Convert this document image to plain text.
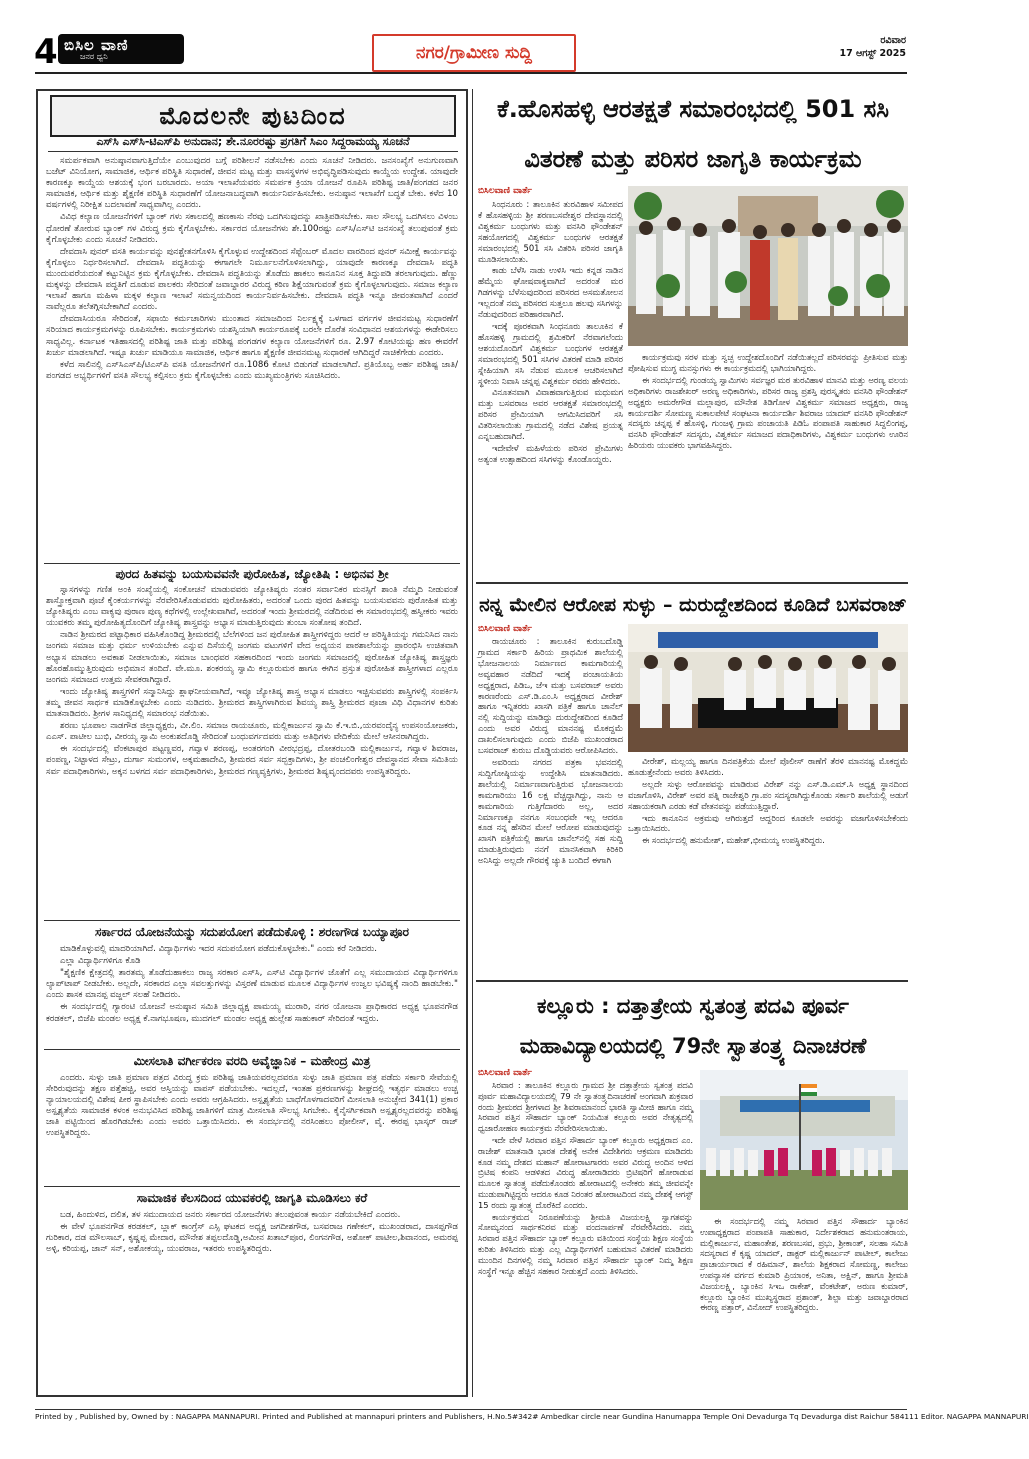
4 ಬಿಸಿಲ ವಾಣಿ
ಜನರ ಧ್ವನಿ	ನಗರ/ಗ್ರಾಮೀಣ ಸುದ್ದಿ
ರವಿವಾರ
17 ಆಗಸ್ಟ್ 2025
ಮೊದಲನೇ ಪುಟದಿಂದ
ಎಸ್‌ಸಿ ಎಸ್‌ಸಿ-ಟಿಎಸ್‌ಪಿ ಅನುದಾನ; ಶೇ.ನೂರರಷ್ಟು ಪ್ರಗತಿಗೆ ಸಿಎಂ ಸಿದ್ದರಾಮಯ್ಯ ಸೂಚನೆ

ಸಮರ್ಪಕವಾಗಿ ಅನುಷ್ಠಾನವಾಗುತ್ತಿದೆಯೇ ಎಂಬುವುದರ ಬಗ್ಗೆ ಪರಿಶೀಲನೆ ನಡೆಸಬೇಕು ಎಂದು ಸೂಚನೆ ನೀಡಿದರು. ಜನಸಂಖ್ಯೆಗೆ ಅನುಗುಣವಾಗಿ ಬಜೆಟ್ ವಿನಿಯೋಗ, ಸಾಮಾಜಿಕ, ಆರ್ಥಿಕ ಪರಿಸ್ಥಿತಿ ಸುಧಾರಣೆ, ಜೀವನ ಮಟ್ಟ ಮತ್ತು ವಾಸಸ್ಥಳಗಳ ಅಭಿವೃದ್ಧಿಪಡಿಸುವುದು ಕಾಯ್ದೆಯ ಉದ್ದೇಶ. ಯಾವುದೇ ಕಾರಣಕ್ಕೂ ಕಾಯ್ದೆಯ ಆಶಯಕ್ಕೆ ಭಂಗ ಬರಬಾರದು. ಅಯಾ ಇಲಾಖೆಯವರು ಸಮರ್ಪಕ ಕ್ರಿಯಾ ಯೋಜನೆ ರೂಪಿಸಿ ಪರಿಶಿಷ್ಟ ಜಾತಿ/ಪಂಗಡದ ಜನರ ಸಾಮಾಜಿಕ, ಆರ್ಥಿಕ ಮತ್ತು ಶೈಕ್ಷಣಿಕ ಪರಿಸ್ಥಿತಿ ಸುಧಾರಣೆಗೆ ಯೋಜನಾಬದ್ಧವಾಗಿ ಕಾರ್ಯನಿರ್ವಹಿಸಬೇಕು. ಅನುಷ್ಠಾನ ಇಲಾಖೆಗೆ ಬದ್ಧತೆ ಬೇಕು. ಕಳೆದ 10 ವರ್ಷಗಳಲ್ಲಿ ನಿರೀಕ್ಷಿತ ಬದಲಾವಣೆ ಸಾಧ್ಯವಾಗಿಲ್ಲ ಎಂದರು.

ವಿವಿಧ ಕಲ್ಯಾಣ ಯೋಜನೆಗಳಿಗೆ ಬ್ಯಾಂಕ್ ಗಳು ಸಕಾಲದಲ್ಲಿ ಹಣಕಾಸು ನೆರವು ಒದಗಿಸುವುದನ್ನು ಖಾತ್ರಿಪಡಿಸಬೇಕು. ಸಾಲ ಸೌಲಭ್ಯ ಒದಗಿಸಲು ವಿಳಂಬ ಧೋರಣೆ ತೋರುವ ಬ್ಯಾಂಕ್ ಗಳ ವಿರುದ್ಧ ಕ್ರಮ ಕೈಗೊಳ್ಳಬೇಕು. ಸರ್ಕಾರದ ಯೋಜನೆಗಳು ಶೇ.100ರಷ್ಟು ಎಸ್‌ಸಿ/ಎಸ್‌ಟಿ ಜನಸಂಖ್ಯೆ ತಲುಪುವಂತೆ ಕ್ರಮ ಕೈಗೊಳ್ಳಬೇಕು ಎಂದು ಸೂಚನೆ ನೀಡಿದರು.

ದೇವದಾಸಿ ಪುನರ್ ವಸತಿ ಕಾರ್ಯವನ್ನು ಪುನಶ್ಚೇತನಗೊಳಿಸಿ ಕೈಗೊಳ್ಳುವ ಉದ್ದೇಶದಿಂದ ಸೆಪ್ಟೆಂಬರ್ ಮೊದಲ ವಾರದಿಂದ ಪುನರ್ ಸಮೀಕ್ಷೆ ಕಾರ್ಯವನ್ನು ಕೈಗೊಳ್ಳಲು ನಿರ್ಧರಿಸಲಾಗಿದೆ. ದೇವದಾಸಿ ಪದ್ಧತಿಯನ್ನು ಈಗಾಗಲೇ ನಿರ್ಮೂಲನೆಗೊಳಿಸಲಾಗಿದ್ದು, ಯಾವುದೇ ಕಾರಣಕ್ಕೂ ದೇವದಾಸಿ ಪದ್ಧತಿ ಮುಂದುವರೆಯದಂತೆ ಕಟ್ಟುನಿಟ್ಟಿನ ಕ್ರಮ ಕೈಗೊಳ್ಳಬೇಕು. ದೇವದಾಸಿ ಪದ್ಧತಿಯನ್ನು ತೊಡೆದು ಹಾಕಲು ಕಾನೂನಿನ ಸೂಕ್ತ ತಿದ್ದುಪಡಿ ತರಲಾಗುವುದು. ಹೆಣ್ಣು ಮಕ್ಕಳನ್ನು ದೇವದಾಸಿ ಪದ್ಧತಿಗೆ ದೂಡುವ ಪಾಲಕರು ಸೇರಿದಂತೆ ಜವಾಬ್ದಾರರ ವಿರುದ್ಧ ಕಠಿಣ ಶಿಕ್ಷೆಯಾಗುವಂತೆ ಕ್ರಮ ಕೈಗೊಳ್ಳಲಾಗುವುದು. ಸಮಾಜ ಕಲ್ಯಾಣ ಇಲಾಖೆ ಹಾಗೂ ಮಹಿಳಾ ಮಕ್ಕಳ ಕಲ್ಯಾಣ ಇಲಾಖೆ ಸಮನ್ವಯದಿಂದ ಕಾರ್ಯನಿರ್ವಹಿಸಬೇಕು. ದೇವದಾಸಿ ಪದ್ಧತಿ ಇನ್ನೂ ಜೀವಂತವಾಗಿದೆ ಎಂದರೆ ನಾವೆಲ್ಲರೂ ತಲೆತಗ್ಗಿಸಬೇಕಾಗಿದೆ ಎಂದರು.

ದೇವದಾಸಿಯರೂ ಸೇರಿದಂತೆ, ಸಫಾಯಿ ಕರ್ಮಚಾರಿಗಳು ಮುಂತಾದ ಸಮಾಜದಿಂದ ನಿರ್ಲಕ್ಷ್ಯಕ್ಕೆ ಒಳಗಾದ ವರ್ಗಗಳ ಜೀವನಮಟ್ಟ ಸುಧಾರಣೆಗೆ ಸರಿಯಾದ ಕಾರ್ಯಕ್ರಮಗಳನ್ನು ರೂಪಿಸಬೇಕು. ಕಾರ್ಯಕ್ರಮಗಳು ಯಶಸ್ವಿಯಾಗಿ ಕಾರ್ಯರೂಪಕ್ಕೆ ಬರಲೇ ದೊರೆತ ಸಂವಿಧಾನದ ಆಶಯಗಳನ್ನು ಈಡೇರಿಸಲು ಸಾಧ್ಯವಿಲ್ಲ. ಕರ್ನಾಟಕ ಇತಿಹಾಸದಲ್ಲಿ ಪರಿಶಿಷ್ಟ ಜಾತಿ ಮತ್ತು ಪರಿಶಿಷ್ಟ ಪಂಗಡಗಳ ಕಲ್ಯಾಣ ಯೋಜನೆಗಳಿಗೆ ರೂ. 2.97 ಕೋಟಿಯಷ್ಟು ಹಣ ಈವರೆಗೆ ಖರ್ಚು ಮಾಡಲಾಗಿದೆ. ಇಷ್ಟೂ ಖರ್ಚು ಮಾಡಿಯೂ ಸಾಮಾಜಿಕ, ಆರ್ಥಿಕ ಹಾಗೂ ಶೈಕ್ಷಣಿಕ ಜೀವನಮಟ್ಟ ಸುಧಾರಣೆ ಆಗಿದಿದ್ದರೆ ನಾಚಿಕೆಗೇಡು ಎಂದರು.

ಕಳೆದ ಸಾಲಿನಲ್ಲಿ ಎಸ್‌ಸಿಎಸ್‌ಪಿ/ಟಿಎಸ್‌ಪಿ ವಸತಿ ಯೋಜನೆಗಳಿಗೆ ರೂ.1086 ಕೋಟಿ ಬಿಡುಗಡೆ ಮಾಡಲಾಗಿದೆ. ಪ್ರತಿಯೊಬ್ಬ ಅರ್ಹ ಪರಿಶಿಷ್ಟ ಜಾತಿ/ಪಂಗಡದ ಅಭ್ಯರ್ಥಿಗಳಿಗೆ ವಸತಿ ಸೌಲಭ್ಯ ಕಲ್ಪಿಸಲು ಕ್ರಮ ಕೈಗೊಳ್ಳಬೇಕು ಎಂದು ಮುಖ್ಯಮಂತ್ರಿಗಳು ಸೂಚಿಸಿದರು.

ಪುರದ ಹಿತವನ್ನು ಬಯಸುವವನೇ ಪುರೋಹಿತ, ಜ್ಯೋತಿಷಿ : ಅಭಿನವ ಶ್ರೀ

ಸ್ವಾಸಗಳನ್ನು ಗಣಿತ ಅಂಕಿ ಸಂಖ್ಯೆಯಲ್ಲಿ ಸಂಕೋಚನೆ ಮಾಡುವವರು ಜ್ಯೋತಿಷ್ಯರು ನಂತರ ಸರ್ವಾನಿಕರ ಮನಸ್ಸಿಗೆ ಶಾಂತಿ ನೆಮ್ಮದಿ ನೀಡುವಂತೆ ಶಾಸ್ತ್ರೋಕ್ತವಾಗಿ ಪೂಜೆ ಕೈಂಕರ್ಯಗಳನ್ನು ನೆರವೇರಿಸಿಕೊಡುವವರು ಪುರೋಹಿತರು, ಅದರಂತೆ ಒಂದು ಪುರದ ಹಿತವನ್ನು ಬಯಸುವವನು ಪುರೋಹಿತ ಮತ್ತು ಜ್ಯೋತಿಷ್ಯರು ಎಂಬ ವಾಕ್ಯವು ಪುರಾಣ ಪುಣ್ಯ ಕಥೆಗಳಲ್ಲಿ ಉಲ್ಲೇಖವಾಗಿವೆ, ಅದರಂತೆ ಇಂದು ಶ್ರೀಮಠದಲ್ಲಿ ನಡೆದಿರುವ ಈ ಸಮಾರಂಭದಲ್ಲಿ ಹಸ್ವೀಕರು ಇವರು ಯುವಕರು ತಮ್ಮ ಪುರೋಹಿತ್ಯದೊಂದಿಗೆ ಜ್ಯೋತಿಷ್ಯ ಶಾಸ್ತ್ರವನ್ನು ಅಭ್ಯಾಸ ಮಾಡುತ್ತಿರುವುದು ತುಂಬಾ ಸಂತೋಷ ತಂದಿದೆ.

ನಾಡಿನ ಶ್ರೀಮಠದ ಪಟ್ಟಾಧಿಕಾರ ವಹಿಸಿಕೊಂಡಿದ್ದ ಶ್ರೀಮಠದಲ್ಲಿ ಬೆಲೆಗಳಿಂದ ಜನ ಪುರೋಹಿತ ಶಾಸ್ತ್ರೀಗಳಿದ್ದರು ಆದರೆ ಆ ಪರಿಸ್ಥಿತಿಯನ್ನು ಗಮನಿಸಿದ ನಾನು ಜಂಗಮ ಸಮಾಜ ಮತ್ತು ಧರ್ಮ ಉಳಿಯಬೇಕು ಎನ್ನುವ ದಿಸೆಯಲ್ಲಿ ಜಂಗಮ ವಟುಗಳಿಗೆ ವೇದ ಅಧ್ಯಯನ ಪಾಠಶಾಲೆಯನ್ನು ಪ್ರಾರಂಭಿಸಿ ಉಚಿತವಾಗಿ ಅಭ್ಯಾಸ ಮಾಡಲು ಅವಕಾಶ ನೀಡಲಾಯಿತು, ಸಮಾಜ ಬಾಂಧವರ ಸಹಕಾರದಿಂದ ಇಂದು ಜಂಗಮ ಸಮಾಜದಲ್ಲಿ ಪುರೋಹಿತ ಜ್ಯೋತಿಷ್ಯ ಶಾಸ್ತ್ರಜ್ಞರು ಹೊರಹೊಮ್ಮುತ್ತಿರುವುದು ಅಭಿಮಾನ ತಂದಿದೆ. ವೇ.ಮೂ. ಶಂಕರಯ್ಯ ಸ್ವಾಮಿ ಕಲ್ಲೂರುಮಠ ಹಾಗೂ ಈಗಿನ ಪ್ರಸ್ತುತ ಪುರೋಹಿತ ಶಾಸ್ತ್ರೀಗಳಾದ ಎಲ್ಲರೂ ಜಂಗಮ ಸಮಾಜದ ಉತ್ತಮ ಸೇವಕರಾಗಿದ್ದಾರೆ.

ಇಂದು ಜ್ಯೋತಿಷ್ಯ ಶಾಸ್ತ್ರಗಳಿಗೆ ಸನ್ಮಾನಿಸಿದ್ದು ಶ್ಲಾಘನೀಯವಾಗಿದೆ, ಇವ್ಯೂ ಜ್ಯೋತಿಷ್ಯ ಶಾಸ್ತ್ರ ಅಭ್ಯಾಸ ಮಾಡಲು ಇಚ್ಚಿಸುವವರು ಶಾಸ್ತ್ರಿಗಳಲ್ಲಿ ಸಂಪರ್ಕಿಸಿ ತಮ್ಮ ಜೀವನ ಸಾರ್ಥಕ ಮಾಡಿಕೊಳ್ಳಬೇಕು ಎಂದು ನುಡಿದರು. ಶ್ರೀಮಠದ ಶಾಸ್ತ್ರಿಗಳಾಗಿರುವ ಶಿವಯ್ಯ ಶಾಸ್ತ್ರಿ ಶ್ರೀಮಠದ ಪೂಜಾ ವಿಧಿ ವಿಧಾನಗಳ ಕುರಿತು ಮಾತನಾಡಿದರು. ಶ್ರೀಗಳ ಸಾನಿಧ್ಯದಲ್ಲಿ ಸಮಾರಂಭ ನಡೆಯಿತು.

ಶರಣು ಭೂಪಾಲ ನಾಡಗೌಡ ಜಿಲ್ಲಾಧ್ಯಕ್ಷರು, ವೀ.ಲಿಂ. ಸಮಾಜ ರಾಯಚೂರು, ಮಲ್ಲಿಕಾರ್ಜುನ ಸ್ವಾಮಿ ಕೆ.ಇ.ಬಿ.,ಯರವಂದೈನ್ಯ ಉಪಸಂಯೋಜಕರು, ಎಎಸ್. ಪಾಟೀಲ ಬುಭಿ, ವೀರಯ್ಯ ಸ್ವಾಮಿ ಅಂಕುಶದೊಡ್ಡಿ ಸೇರಿದಂತೆ ಬಂಧುವರ್ಗದವರು ಮತ್ತು ಅತಿಥಿಗಳು ವೇದಿಕೆಯ ಮೇಲೆ ಆಸೀನರಾಗಿದ್ದರು.

ಈ ಸಂದರ್ಭದಲ್ಲಿ ವೆಂಕಟಾಪುರ ಪಟ್ಟಣ್ಣವರ, ಗವ್ವಾಳ ಶರಣಪ್ಪ, ಅಂತರಗಂಗಿ ವೀರಭದ್ರಪ್ಪ, ದೋತರಬಂಡಿ ಮಲ್ಲಿಕಾರ್ಜುನ, ಗವ್ವಾಳ ಶಿವರಾಜ, ಪಂಪಣ್ಣ, ನಿಟ್ಟಾಳದ ಸೇಟ್ರು, ದುರ್ಗಾ ಸುಮಂಗಳ, ಅಕ್ಕಮಹಾದೇವಿ, ಶ್ರೀಮಠದ ಸರ್ವ ಸದ್ಭಕ್ತಾದಿಗಳು, ಶ್ರೀ ಪಂಚಲಿಂಗೇಶ್ವರ ದೇವಸ್ಥಾನದ ಸೇವಾ ಸಮಿತಿಯ ಸರ್ವ ಪದಾಧಿಕಾರಿಗಳು, ಅಕ್ಕನ ಬಳಗದ ಸರ್ವ ಪದಾಧಿಕಾರಿಗಳು, ಶ್ರೀಮಠದ ಗಣ್ಯವ್ಯಕ್ತಿಗಳು, ಶ್ರೀಮಠದ ಶಿಷ್ಯವೃಂದದವರು ಉಪಸ್ಥಿತರಿದ್ದರು.

ಸರ್ಕಾರದ ಯೋಜನೆಯನ್ನು ಸದುಪಯೋಗ ಪಡೆದುಕೊಳ್ಳಿ : ಶರಣಗೌಡ ಬಯ್ಯಾಪೂರ

ಮಾಡಿಕೊಳ್ಳುವಲ್ಲಿ ಮಾದರಿಯಾಗಿದೆ. ವಿದ್ಯಾರ್ಥಿಗಳು ಇದರ ಸದುಪಯೋಗ ಪಡೆದುಕೊಳ್ಳಬೇಕು." ಎಂದು ಕರೆ ನೀಡಿದರು.

ಎಲ್ಲಾ ವಿದ್ಯಾರ್ಥಿಗಳಿಗೂ ಕೊಡಿ

"ಶೈಕ್ಷಣಿಕ ಕ್ಷೇತ್ರದಲ್ಲಿ ತಾರತಮ್ಯ ತೊಡೆದುಹಾಕಲು ರಾಜ್ಯ ಸರಕಾರ ಎಸ್‌ಸಿ, ಎಸ್‌ಟಿ ವಿದ್ಯಾರ್ಥಿಗಳ ಜೊತೆಗೆ ಎಲ್ಲ ಸಮುದಾಯದ ವಿದ್ಯಾರ್ಥಿಗಳಿಗೂ ಲ್ಯಾಪ್‌ಟಾಪ್ ನೀಡಬೇಕು. ಅಲ್ಲದೇ, ಸರಕಾರದ ಎಲ್ಲಾ ಸವಲತ್ತುಗಳನ್ನು ವಿಸ್ತರಣೆ ಮಾಡುವ ಮೂಲಕ ವಿದ್ಯಾರ್ಥಿಗಳ ಉಜ್ವಲ ಭವಿಷ್ಯಕ್ಕೆ ನಾಂದಿ ಹಾಡಬೇಕು." ಎಂದು ಶಾಸಕ ಮಾನಪ್ಪ ವಜ್ಜಲ್ ಸಲಹೆ ನೀಡಿದರು.

ಈ ಸಂದರ್ಭದಲ್ಲಿ ಗ್ಯಾರಂಟಿ ಯೋಜನೆ ಅನುಷ್ಠಾನ ಸಮಿತಿ ಜಿಲ್ಲಾಧ್ಯಕ್ಷ ಪಾಮಯ್ಯ ಮುರಾರಿ, ನಗರ ಯೋಜನಾ ಪ್ರಾಧಿಕಾರದ ಅಧ್ಯಕ್ಷ ಭೂಪನಗೌಡ ಕರಡಕಲ್, ಬಿಜೆಪಿ ಮಂಡಲ ಅಧ್ಯಕ್ಷ ಕೆ.ನಾಗಭೂಷಣ, ಮುದಗಲ್ ಮಂಡಲ ಅಧ್ಯಕ್ಷ ಹುಲ್ಲೇಶ ಸಾಹುಕಾರ್ ಸೇರಿದಂತೆ ಇದ್ದರು.

ಮೀಸಲಾತಿ ವರ್ಗೀಕರಣ ವರದಿ ಅವೈಜ್ಞಾನಿಕ – ಮಹೇಂದ್ರ ಮಿತ್ರ

ಎಂದರು. ಸುಳ್ಳು ಜಾತಿ ಪ್ರಮಾಣ ಪತ್ರದ ವಿರುದ್ಧ ಕ್ರಮ ಪರಿಶಿಷ್ಟ ಜಾತಿಯವರಲ್ಲದವರೂ ಸುಳ್ಳು ಜಾತಿ ಪ್ರಮಾಣ ಪತ್ರ ಪಡೆದು ಸರ್ಕಾರಿ ಸೇವೆಯಲ್ಲಿ ಸೇರಿರುವುದನ್ನು ತಕ್ಷಣ ಪತ್ತೆಹಚ್ಚಿ, ಅವರ ಆಸ್ತಿಯನ್ನು ವಾಪಸ್ ಪಡೆಯಬೇಕು. ಇದಲ್ಲದೆ, ಇಂತಹ ಪ್ರಕರಣಗಳನ್ನು ಶೀಘ್ರದಲ್ಲಿ ಇತ್ಯರ್ಥ ಮಾಡಲು ಉಚ್ಚ ನ್ಯಾಯಾಲಯದಲ್ಲಿ ವಿಶೇಷ ಪೀಠ ಸ್ಥಾಪಿಸಬೇಕು ಎಂದು ಅವರು ಆಗ್ರಹಿಸಿದರು. ಅಸ್ಪೃಶ್ಯತೆಯ ಬಾಧೆಗೊಳಗಾದವರಿಗೆ ಮೀಸಲಾತಿ ಅನುಚ್ಛೇದ 341(1) ಪ್ರಕಾರ ಅಸ್ಪೃಶ್ಯತೆಯ ಸಾಮಾಜಿಕ ಕಳಂಕ ಅನುಭವಿಸಿದ ಪರಿಶಿಷ್ಟ ಜಾತಿಗಳಿಗೆ ಮಾತ್ರ ಮೀಸಲಾತಿ ಸೌಲಭ್ಯ ಸಿಗಬೇಕು. ಕೈನೈಸರ್ಗಿಕವಾಗಿ ಅಸ್ಪೃಶ್ಯರಲ್ಲದವರನ್ನು ಪರಿಶಿಷ್ಟ ಜಾತಿ ಪಟ್ಟಿಯಿಂದ ಹೊರಗಿಡಬೇಕು ಎಂದು ಅವರು ಒತ್ತಾಯಿಸಿದರು. ಈ ಸಂದರ್ಭದಲ್ಲಿ ನರಸಿಂಹಲು ಪೋಲೀಸ್, ವೈ. ಈರಪ್ಪ ಭಾಸ್ಕರ್ ರಾಜ್ ಉಪಸ್ಥಿತರಿದ್ದರು.

ಸಾಮಾಜಿಕ ಕೆಲಸದಿಂದ ಯುವಕರಲ್ಲಿ ಜಾಗೃತಿ ಮೂಡಿಸಲು ಕರೆ

ಬಡ, ಹಿಂದುಳಿದ, ದಲಿತ, ತಳ ಸಮುದಾಯದ ಜನರು ಸರ್ಕಾರದ ಯೋಜನೆಗಳು ತಲುಪುವಂತ ಕಾರ್ಯ ನಡೆಯಬೇಕಿದೆ ಎಂದರು.

ಈ ವೇಳೆ ಭೂಪನಗೌಡ ಕರಡಕಲ್, ಬ್ಲಾಕ್ ಕಾಂಗ್ರೆಸ್ ಎಸ್ಸಿ ಘಟಕದ ಅಧ್ಯಕ್ಷ ಜಗದೀಶಗೌಡ, ಬಸವರಾಜ ಗಣೇಕಲ್, ಮುಖಂಡರಾದ, ದಾಸಪ್ಪಗೌಡ ಗುರಿಕಾರ, ದಡ ಮೌಲಸಾಬ್, ಕೃಷ್ಣಪ್ಪ ಮೇದಾರ, ಮೌನೇಶ ತಪ್ಪಲದೊಡ್ಡಿ,ಅಮೀನ ಖತಾಬ್‌ಪೂರ, ಲಿಂಗನಗೌಡ, ಅಶೋಕ್ ಪಾಟೀಲ,ಶಿವಾನಂದ, ಅಮರಪ್ಪ ಅಳ್ಳಿ, ಕರಿಯಪ್ಪ, ಜಾನ್ ಸನ್, ಅಶೋಕಯ್ಯ, ಯುವರಾಜ, ಇತರರು ಉಪಸ್ಥಿತರಿದ್ದರು.

ಕೆ.ಹೊಸಹಳ್ಳಿ ಆರತಕ್ಷತೆ ಸಮಾರಂಭದಲ್ಲಿ 501 ಸಸಿ
ವಿತರಣೆ ಮತ್ತು ಪರಿಸರ ಜಾಗೃತಿ ಕಾರ್ಯಕ್ರಮ
ಬಿಸಿಲವಾಣಿ ವಾರ್ತೆ

ಸಿಂಧನೂರು : ತಾಲೂಕಿನ ತುರವಿಹಾಳ ಸಮೀಪದ ಕೆ ಹೊಸಹಳ್ಳಿಯ ಶ್ರೀ ಶರಣಬಸವೇಶ್ವರ ದೇವಸ್ಥಾನದಲ್ಲಿ ವಿಶ್ವಕರ್ಮ ಬಂಧುಗಳು ಮತ್ತು ವನಸಿರಿ ಫೌಂಡೇಶನ್ ಸಹಯೋಗದಲ್ಲಿ ವಿಶ್ವಕರ್ಮ ಬಂಧುಗಳ ಆರತಕ್ಷತೆ ಸಮಾರಂಭದಲ್ಲಿ 501 ಸಸಿ ವಿತರಿಸಿ ಪರಿಸರ ಜಾಗೃತಿ ಮೂಡಿಸಲಾಯಿತು.

ಕಾಡು ಬೆಳೆಸಿ ನಾಡು ಉಳಿಸಿ ಇದು ಕನ್ನಡ ನಾಡಿನ ಹೆಮ್ಮೆಯ ಘೋಷವಾಕ್ಯವಾಗಿದೆ ಅದರಂತೆ ಮರ ಗಿಡಗಳನ್ನು ಬೆಳೆಸುವುದರಿಂದ ಪರಿಸರದ ಅಸಮತೋಲನ ಇಲ್ಲದಂತೆ ನಮ್ಮ ಪರಿಸರದ ಸುತ್ತಲೂ ಹಲವು ಸಸಿಗಳನ್ನು ನೆಡುವುದರಿಂದ ಪರಿಹಾರವಾಗಿದೆ.

ಇದಕ್ಕೆ ಪೂರಕವಾಗಿ ಸಿಂಧನೂರು ತಾಲೂಕಿನ ಕೆ ಹೊಸಹಳ್ಳಿ ಗ್ರಾಮದಲ್ಲಿ ಶ್ರಮಿಕರಿಗೆ ನೆರವಾಗಲೆಂದು ಆಶಯದೊಂದಿಗೆ ವಿಶ್ವಕರ್ಮ ಬಂಧುಗಳ ಆರತಕ್ಷತೆ ಸಮಾರಂಭದಲ್ಲಿ 501 ಸಸಿಗಳ ವಿತರಣೆ ಮಾಡಿ ಪರಿಸರ ಸ್ನೇಹಿಯಾಗಿ ಸಸಿ ನೆಡುವ ಮೂಲಕ ಆಚರಿಸಲಾಗಿದೆ ಸ್ಥಳೀಯ ನಿವಾಸಿ ಚನ್ನಪ್ಪ ವಿಶ್ವಕರ್ಮ ರವರು ಹೇಳಿದರು.

ವಿನೂತನವಾಗಿ ವಿವಾಹವಾಗುತ್ತಿರುವ ಮಧುಮಗ ಮತ್ತು ಬಸವರಾಜ ಅವರ ಆರತಕ್ಷತೆ ಸಮಾರಂಭದಲ್ಲಿ ಪರಿಸರ ಪ್ರೇಮಿಯಾಗಿ ಆಗಮಿಸಿದವರಿಗೆ ಸಸಿ ವಿತರಿಸಲಾಯಿತು ಗ್ರಾಮದಲ್ಲಿ ನಡೆದ ವಿಶೇಷ ಪ್ರಯತ್ನ ಎನ್ನಬಹುದಾಗಿದೆ.

ಇದೇವೇಳೆ ಮಹಿಳೆಯರು ಪರಿಸರ ಪ್ರೇಮಿಗಳು ಅತ್ಯಂತ ಉತ್ಸಾಹದಿಂದ ಸಸಿಗಳನ್ನು ಕೊಂಡೊಯ್ದರು.

ಕಾರ್ಯಕ್ರಮವು ಸರಳ ಮತ್ತು ಸ್ವಚ್ಛ ಉದ್ದೇಶದೊಂದಿಗೆ ನಡೆಯಿತಲ್ಲದೆ ಪರಿಸರವನ್ನು ಪ್ರೀತಿಸುವ ಮತ್ತು ಪೋಷಿಸುವ ಮುಗ್ಧ ಮನಸ್ಸುಗಳು ಈ ಕಾರ್ಯಕ್ರಮದಲ್ಲಿ ಭಾಗಿಯಾಗಿದ್ದರು.

ಈ ಸಂದರ್ಭದಲ್ಲಿ ಗುಂಡಯ್ಯ ಸ್ವಾಮಿಗಳು ಸರ್ವಜ್ಞರ ಮಠ ತುರವಿಹಾಳ ಮಾನವಿ ಮತ್ತು ಅರಣ್ಯ ವಲಯ ಅಧಿಕಾರಿಗಳು ರಾಜಶೇಖರ್ ಅರಣ್ಯ ಅಧಿಕಾರಿಗಳು, ಪರಿಸರ ರಾಜ್ಯ ಪ್ರಶಸ್ತಿ ಪುರಸ್ಕೃತರು ವನಸಿರಿ ಫೌಂಡೇಶನ್ ಅಧ್ಯಕ್ಷರು ಅಮರೇಗೌಡ ಮಲ್ಲಾಪುರ, ಮೌನೇಶ ತಿಡಿಗೋಳ ವಿಶ್ವಕರ್ಮ ಸಮಾಜದ ಅಧ್ಯಕ್ಷರು, ರಾಜ್ಯ ಕಾರ್ಯದರ್ಶಿ ಸೋಮಣ್ಣ ಸುಕಾಲಪೇಟೆ ಸಂಘಟನಾ ಕಾರ್ಯದರ್ಶಿ ಶಿವರಾಜ ಯಾದವ್ ವನಸಿರಿ ಫೌಂಡೇಶನ್ ಸದಸ್ಯರು ಚನ್ನಪ್ಪ ಕೆ ಹೊಸಳ್ಳಿ, ಗುಂಜಳ್ಳಿ ಗ್ರಾಮ ಪಂಚಾಯತಿ ಪಿಡಿಓ ಪಂಪಾಪತಿ ಸಾಹುಕಾರ ಸಿದ್ದಲಿಂಗಪ್ಪ, ವನಸಿರಿ ಫೌಂಡೇಶನ್ ಸದಸ್ಯರು, ವಿಶ್ವಕರ್ಮ ಸಮಾಜದ ಪದಾಧಿಕಾರಿಗಳು, ವಿಶ್ವಕರ್ಮ ಬಂಧುಗಳು ಊರಿನ ಹಿರಿಯರು ಯುವಕರು ಭಾಗವಹಿಸಿದ್ದರು.

ನನ್ನ ಮೇಲಿನ ಆರೋಪ ಸುಳ್ಳು – ದುರುದ್ದೇಶದಿಂದ ಕೂಡಿದೆ ಬಸವರಾಜ್
ಬಿಸಿಲವಾಣಿ ವಾರ್ತೆ

ರಾಯಚೂರು : ತಾಲೂಕಿನ ಕುರುಬದೊಡ್ಡಿ ಗ್ರಾಮದ ಸರ್ಕಾರಿ ಹಿರಿಯ ಪ್ರಾಥಮಿಕ ಶಾಲೆಯಲ್ಲಿ ಭೋಜನಾಲಯ ನಿರ್ಮಾಣದ ಕಾಮಗಾರಿಯಲ್ಲಿ ಅವ್ಯವಹಾರ ನಡೆದಿದೆ ಇದಕ್ಕೆ ಪಂಚಾಯತಿಯ ಅಧ್ಯಕ್ಷರಾದ, ಪಿಡಿಒ, ಜೆಇ ಮತ್ತು ಬಸವರಾಜ್ ಅವರು ಕಾರಣರೆಂದು ಎಸ್.ಡಿ.ಎಂ.ಸಿ ಅಧ್ಯಕ್ಷರಾದ ವೀರೇಶ್ ಹಾಗೂ ಇನ್ನಿತರರು ಖಾಸಗಿ ಪತ್ರಿಕೆ ಹಾಗೂ ಚಾನೆಲ್ ನಲ್ಲಿ ಸುದ್ದಿಯನ್ನು ಮಾಡಿದ್ದು ದುರುದ್ದೇಶದಿಂದ ಕೂಡಿದೆ ಎಂದು ಅವರ ವಿರುದ್ಧ ಮಾನನಷ್ಟ ಮೊಕದ್ದಮೆ ದಾಖಲಿಸಲಾಗುವುದು ಎಂದು ಬಿಜೆಪಿ ಮುಖಂಡರಾದ ಬಸವರಾಜ್ ಕುರುಬ ದೊಡ್ಡಿಯವರು ಆರೋಪಿಸಿದರು.

ಅವರಿಂದು ನಗರದ ಪತ್ರಕಾ ಭವನದಲ್ಲಿ ಸುದ್ದಿಗೋಷ್ಠಿಯನ್ನು ಉದ್ದೇಶಿಸಿ ಮಾತನಾಡಿದರು. ಶಾಲೆಯಲ್ಲಿ ನಿರ್ಮಾಣವಾಗುತ್ತಿರುವ ಭೋಜನಾಲಯ ಕಾಮಗಾರಿಯು 16 ಲಕ್ಷ ವೆಚ್ಚದ್ದಾಗಿದ್ದು, ನಾನು ಆ ಕಾಮಗಾರಿಯ ಗುತ್ತಿಗೆದಾರರು ಅಲ್ಲ, ಅದರ ನಿರ್ಮಾಣಕ್ಕೂ ನನಗೂ ಸಂಬಂಧವೇ ಇಲ್ಲ ಆದರೂ ಕೂಡ ನನ್ನ ಹೆಸರಿನ ಮೇಲೆ ಆರೋಪ ಮಾಡುವುದನ್ನು ಖಾಸಗಿ ಪತ್ರಿಕೆಯಲ್ಲಿ ಹಾಗೂ ಚಾನೆಲ್‌ನಲ್ಲಿ ಸಹ ಸುದ್ದಿ ಮಾಡುತ್ತಿರುವುದು ನನಗೆ ಮಾನಸಿಕವಾಗಿ ಕಿರಿಕಿರಿ ಅನಿಸಿದ್ದು ಅಲ್ಲದೇ ಗೌರವಕ್ಕೆ ಚ್ಯುತಿ ಬಂದಿದೆ ಈಗಾಗಿ

ವೀರೇಶ್, ಮಲ್ಲಯ್ಯ ಹಾಗೂ ದಿನಪತ್ರಿಕೆಯ ಮೇಲೆ ಪೊಲೀಸ್ ಠಾಣೆಗೆ ತೆರಳಿ ಮಾನನಷ್ಟ ಮೊಕದ್ದಮೆ ಹೂಡುತ್ತೇನೆಂದು ಅವರು ತಿಳಿಸಿದರು.

ಅಲ್ಲದೇ ಸುಳ್ಳು ಆರೋಪವನ್ನು ಮಾಡಿರುವ ವಿರೇಶ್ ನನ್ನು ಎಸ್.ಡಿ.ಎಮ್.ಸಿ ಅಧ್ಯಕ್ಷ ಸ್ಥಾನದಿಂದ ವಜಾಗೊಳಿಸಿ, ವಿರೇಶ್ ಅವರ ಪತ್ನಿ ರಾಜೇಶ್ವರಿ ಗ್ರಾ.ಪಂ ಸದಸ್ಯರಾಗಿದ್ದುಕೊಂಡು ಸರ್ಕಾರಿ ಶಾಲೆಯಲ್ಲಿ ಅಡುಗೆ ಸಹಾಯಕರಾಗಿ ಎರಡು ಕಡೆ ವೇತನವನ್ನು ಪಡೆಯುತ್ತಿದ್ದಾರೆ.

ಇದು ಕಾನೂನಿನ ಅಕ್ರಮವು ಆಗಿರುತ್ತದೆ ಆದ್ದರಿಂದ ಕೂಡಲೇ ಅವರನ್ನು ವಜಾಗೊಳಿಸಬೇಕೆಂದು ಒತ್ತಾಯಿಸಿದರು.

ಈ ಸಂದರ್ಭದಲ್ಲಿ ಹನುಮೇಶ್, ಮಹೇಶ್,ಭೀಮಯ್ಯ ಉಪಸ್ಥಿತರಿದ್ದರು.

ಕಲ್ಲೂರು : ದತ್ತಾತ್ರೇಯ ಸ್ವತಂತ್ರ ಪದವಿ ಪೂರ್ವ
ಮಹಾವಿದ್ಯಾಲಯದಲ್ಲಿ 79ನೇ ಸ್ವಾತಂತ್ರ್ಯ ದಿನಾಚರಣೆ
ಬಿಸಿಲವಾಣಿ ವಾರ್ತೆ

ಸಿರವಾರ : ತಾಲೂಕಿನ ಕಲ್ಲೂರು ಗ್ರಾಮದ ಶ್ರೀ ದತ್ತಾತ್ರೇಯ ಸ್ವತಂತ್ರ ಪದವಿ ಪೂರ್ವ ಮಹಾವಿದ್ಯಾಲಯದಲ್ಲಿ 79 ನೇ ಸ್ವಾತಂತ್ರ್ಯದಿನಾಚರಣೆ ಅಂಗವಾಗಿ ಶುಕ್ರವಾರ ರಂದು ಶ್ರೀಮಠದ ಶ್ರೀಗಳಾದ ಶ್ರೀ ಶಿವರಾಮಾನಂದ ಭಾರತಿ ಸ್ವಾಮೀಜಿ ಹಾಗೂ ನಮ್ಮ ಸಿರವಾರ ಪತ್ತಿನ ಸೌಹಾರ್ದ ಬ್ಯಾಂಕ್ ನಿಯಮಿತ ಕಲ್ಲೂರು ಅವರ ನೇತೃತ್ವದಲ್ಲಿ ಧ್ವಜಾರೋಹಣ ಕಾರ್ಯಕ್ರಮ ನೆರವೇರಿಸಲಾಯಿತು.

ಇದೇ ವೇಳೆ ಸಿರವಾರ ಪತ್ತಿನ ಸೌಹಾರ್ದ ಬ್ಯಾಂಕ್ ಕಲ್ಲೂರು ಅಧ್ಯಕ್ಷರಾದ ಎಂ. ರಾಜೇಶ್ ಮಾತನಾಡಿ ಭಾರತ ದೇಶಕ್ಕೆ ಅನೇಕ ವಿದೇಶಿಗರು ಆಕ್ರಮಣ ಮಾಡಿದರು ಕೂಡ ನಮ್ಮ ದೇಶದ ಮಹಾನ್ ಹೋರಾಟಗಾರರು ಅವರ ವಿರುದ್ಧ ಅಂದಿನ ಆಳಿದ ಬ್ರಿಟಿಷ ಕಂಪನಿ ಆಡಳಿತದ ವಿರುದ್ಧ ಹೋರಾಡಿದರು ಬ್ರಿಟಿಷರಿಗೆ ಹೋರಾಡುವ ಮೂಲಕ ಸ್ವಾತಂತ್ರ್ಯ ಪಡೆದುಕೊಂಡರು ಹೋರಾಟದಲ್ಲಿ ಅನೇಕರು ತಮ್ಮ ಜೀವವನ್ನೇ ಮುಡುಪಾಗಿಟ್ಟಿದ್ದರು ಆದರೂ ಕೂಡ ನಿರಂತರ ಹೋರಾಟದಿಂದ ನಮ್ಮ ದೇಶಕ್ಕೆ ಆಗಸ್ಟ್ 15 ರಂದು ಸ್ವಾತಂತ್ರ್ಯ ದೊರೆಕಿದೆ ಎಂದರು.

ಕಾರ್ಯಕ್ರಮದ ನಿರೂಪಣೆಯನ್ನು ಶ್ರೀಮತಿ ವಿಜಯಲಕ್ಷ್ಮಿ ಸ್ವಾಗತವನ್ನು ಸೋಮ್ಯನಂದ ಸಾರ್ಥಕನಿರವ ಮತ್ತು ವಂದನಾರ್ಪಣೆ ನೆರವೇರಿಸಿದರು. ನಮ್ಮ ಸಿರವಾರ ಪತ್ತಿನ ಸೌಹಾರ್ದ ಬ್ಯಾಂಕ್ ಕಲ್ಲೂರು ವತಿಯಿಂದ ಸಂಸ್ಥೆಯ ಶಿಕ್ಷಣ ಸಂಸ್ಥೆಯ ಕುರಿತು ತಿಳಿಸಿದರು ಮತ್ತು ಎಲ್ಲ ವಿದ್ಯಾರ್ಥಿಗಳಿಗೆ ಬಹುಮಾನ ವಿತರಣೆ ಮಾಡಿದರು ಮುಂದಿನ ದಿನಗಳಲ್ಲಿ ನಮ್ಮ ಸಿರವಾರ ಪತ್ತಿನ ಸೌಹಾರ್ದ ಬ್ಯಾಂಕ್ ನಿಮ್ಮ ಶಿಕ್ಷಣ ಸಂಸ್ಥೆಗೆ ಇನ್ನೂ ಹೆಚ್ಚಿನ ಸಹಕಾರ ನೀಡುತ್ತದೆ ಎಂದು ತಿಳಿಸಿದರು.

ಈ ಸಂದರ್ಭದಲ್ಲಿ ನಮ್ಮ ಸಿರವಾರ ಪತ್ತಿನ ಸೌಹಾರ್ದ ಬ್ಯಾಂಕಿನ ಉಪಾಧ್ಯಕ್ಷರಾದ ಪಂಪಾಪತಿ ಸಾಹುಕಾರ, ನಿರ್ದೇಶಕರಾದ ಹನುಮಂತರಾಯ, ಮಲ್ಲಿಕಾರ್ಜುನ, ಮಹಾಂತೇಶ, ಶರಣಬಸವ, ಪ್ರಭು, ಶ್ರೀಕಾಂತ್, ಸಲಹಾ ಸಮಿತಿ ಸದಸ್ಯರಾದ ಕೆ ಕೃಷ್ಣ ಯಾದವ್, ಡಾಕ್ಟರ್ ಮಲ್ಲಿಕಾರ್ಜುನ್ ಪಾಟೀಲ್, ಕಾಲೇಜು ಪ್ರಾಚಾರ್ಯರಾದ ಕೆ ರಹಿಮಾನ್, ಶಾಲೆಯ ಶಿಕ್ಷಕರಾದ ಸೋಮಣ್ಣ, ಕಾಲೇಜು ಉಪನ್ಯಾಸಕ ವರ್ಗದ ಕುಮಾರಿ ಪ್ರಿಯಾಂಕ, ಅನಿತಾ, ಅಕ್ಷಿನ್, ಹಾಗೂ ಶ್ರೀಮತಿ ವಿಜಯಲಕ್ಷ್ಮಿ, ಬ್ಯಾಂಕಿನ ಸಿಇಒ ರಾಕೇಶ್, ವೆಂಕಟೇಶ್, ಅರುಣ ಕುಮಾರ್, ಕಲ್ಲೂರು ಬ್ಯಾಂಕಿನ ಮುಖ್ಯಸ್ಥರಾದ ಪ್ರಶಾಂತ್, ಶಿಲ್ಪಾ ಮತ್ತು ಜವಾಬ್ದಾರರಾದ ಈರಣ್ಣ ಪತ್ತಾರ್, ವಿನೋದ್ ಉಪಸ್ಥಿತರಿದ್ದರು.

Printed by , Published by, Owned by : NAGAPPA MANNAPURI. Printed and Published at mannapuri printers and Publishers, H.No.5#342# Ambedkar circle near Gundina Hanumappa Temple Oni Devadurga Tq Devadurga dist Raichur 584111 Editor. NAGAPPA MANNAPURI
